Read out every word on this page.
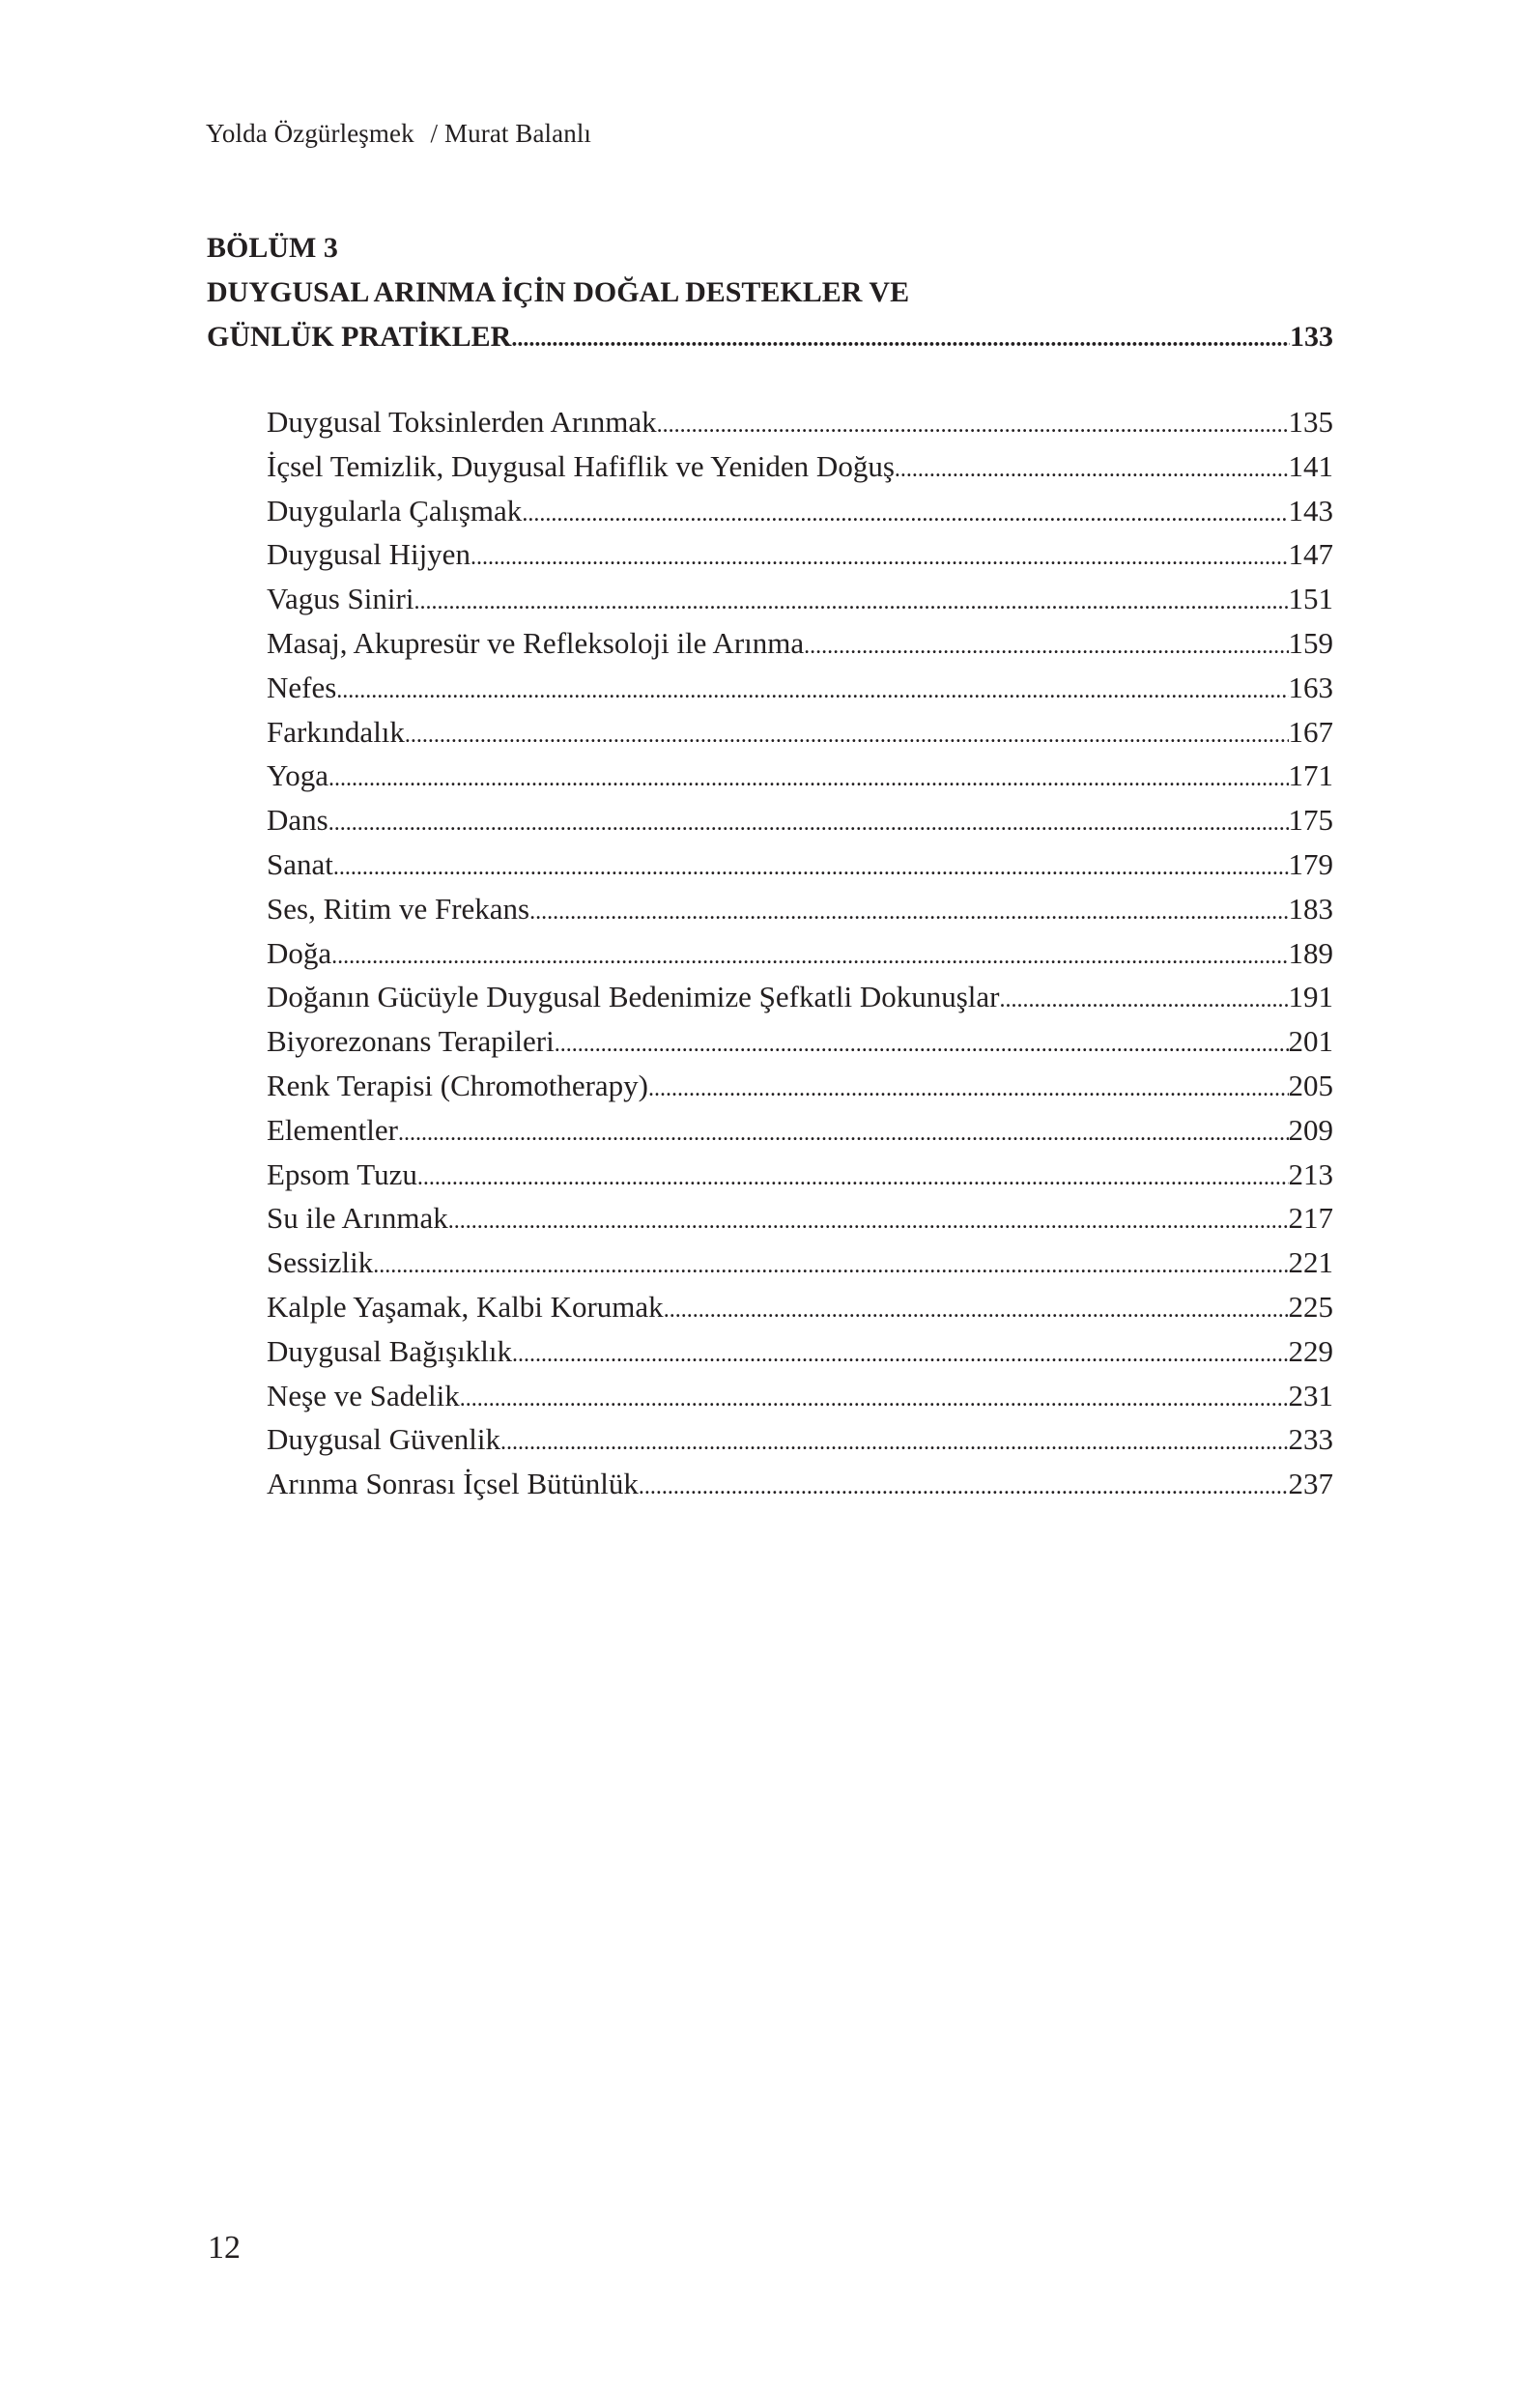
Yolda Özgürleşmek / Murat Balanlı
BÖLÜM 3
DUYGUSAL ARINMA İÇİN DOĞAL DESTEKLER VE
GÜNLÜK PRATİKLER .....	133
Duygusal Toksinlerden Arınmak .....	135
İçsel Temizlik, Duygusal Hafiflik ve Yeniden Doğuş .....	141
Duygularla Çalışmak .....	143
Duygusal Hijyen .....	147
Vagus Siniri .....	151
Masaj, Akupresür ve Refleksoloji ile Arınma .....	159
Nefes .....	163
Farkındalık .....	167
Yoga .....	171
Dans .....	175
Sanat .....	179
Ses, Ritim ve Frekans .....	183
Doğa .....	189
Doğanın Gücüyle Duygusal Bedenimize Şefkatli Dokunuşlar .....	191
Biyorezonans Terapileri .....	201
Renk Terapisi (Chromotherapy) .....	205
Elementler .....	209
Epsom Tuzu .....	213
Su ile Arınmak .....	217
Sessizlik .....	221
Kalple Yaşamak, Kalbi Korumak .....	225
Duygusal Bağışıklık .....	229
Neşe ve Sadelik .....	231
Duygusal Güvenlik .....	233
Arınma Sonrası İçsel Bütünlük .....	237
12
